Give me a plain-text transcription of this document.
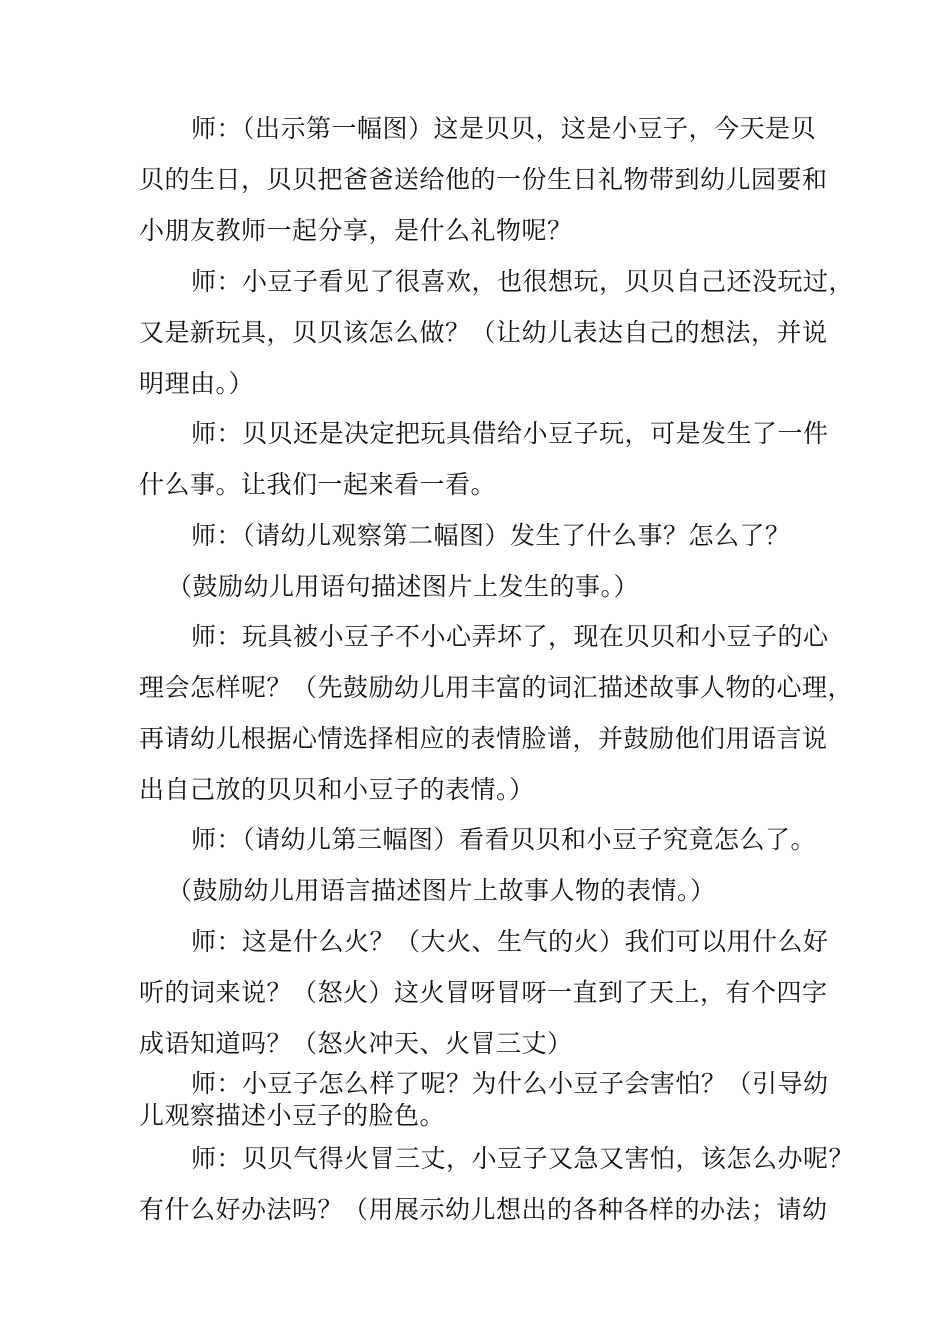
师：（出示第一幅图）这是贝贝，这是小豆子，今天是贝
贝的生日，贝贝把爸爸送给他的一份生日礼物带到幼儿园要和
小朋友教师一起分享，是什么礼物呢？
师：小豆子看见了很喜欢，也很想玩，贝贝自己还没玩过，
又是新玩具，贝贝该怎么做？（让幼儿表达自己的想法，并说
明理由。）
师：贝贝还是决定把玩具借给小豆子玩，可是发生了一件
什么事。让我们一起来看一看。
师：（请幼儿观察第二幅图）发生了什么事？怎么了？
（鼓励幼儿用语句描述图片上发生的事。）
师：玩具被小豆子不小心弄坏了，现在贝贝和小豆子的心
理会怎样呢？（先鼓励幼儿用丰富的词汇描述故事人物的心理，
再请幼儿根据心情选择相应的表情脸谱，并鼓励他们用语言说
出自己放的贝贝和小豆子的表情。）
师：（请幼儿第三幅图）看看贝贝和小豆子究竟怎么了。
（鼓励幼儿用语言描述图片上故事人物的表情。）
师：这是什么火？（大火、生气的火）我们可以用什么好
听的词来说？（怒火）这火冒呀冒呀一直到了天上，有个四字
成语知道吗？（怒火冲天、火冒三丈）
师：小豆子怎么样了呢？为什么小豆子会害怕？（引导幼
儿观察描述小豆子的脸色。
师：贝贝气得火冒三丈，小豆子又急又害怕，该怎么办呢？
有什么好办法吗？（用展示幼儿想出的各种各样的办法；请幼
